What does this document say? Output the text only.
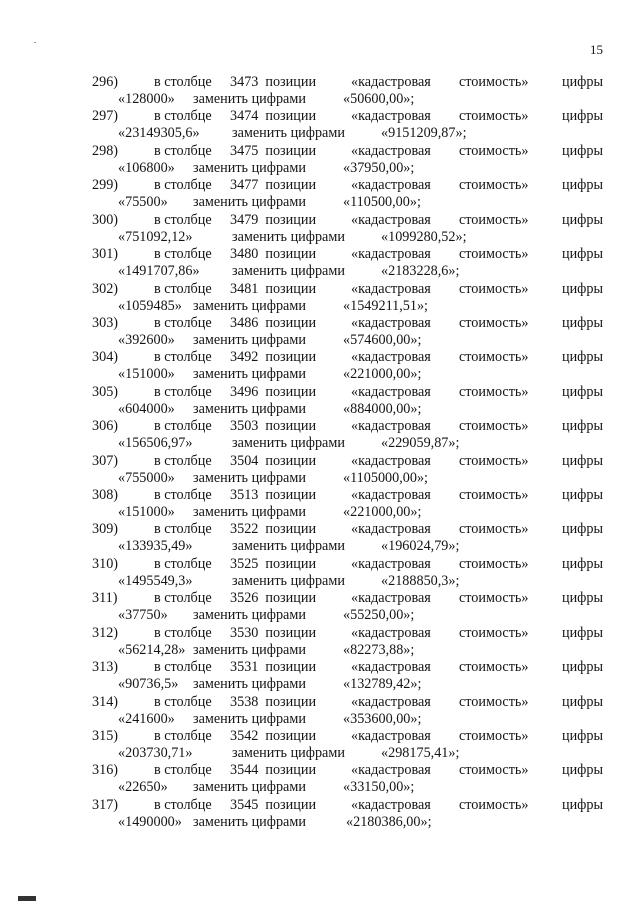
15
296)	в столбце 3473 позиции «кадастровая стоимость» цифры
«128000» заменить цифрами	«50600,00»;
297)	в столбце 3474 позиции «кадастровая стоимость» цифры
«23149305,6» заменить цифрами	«9151209,87»;
298)	в столбце 3475 позиции «кадастровая стоимость» цифры
«106800» заменить цифрами	«37950,00»;
299)	в столбце 3477 позиции «кадастровая стоимость» цифры
«75500» заменить цифрами	«110500,00»;
300)	в столбце 3479 позиции «кадастровая стоимость» цифры
«751092,12»	заменить цифрами	«1099280,52»;
301)	в столбце 3480 позиции «кадастровая стоимость» цифры
«1491707,86» заменить цифрами	«2183228,6»;
302)	в столбце 3481 позиции «кадастровая стоимость» цифры
«1059485» заменить цифрами	«1549211,51»;
303)	в столбце 3486 позиции «кадастровая стоимость» цифры
«392600» заменить цифрами	«574600,00»;
304)	в столбце 3492 позиции «кадастровая стоимость» цифры
«151000» заменить цифрами	«221000,00»;
305)	в столбце 3496 позиции «кадастровая стоимость» цифры
«604000» заменить цифрами	«884000,00»;
306)	в столбце 3503 позиции «кадастровая стоимость» цифры
«156506,97»	заменить цифрами	«229059,87»;
307)	в столбце 3504 позиции «кадастровая стоимость» цифры
«755000» заменить цифрами	«1105000,00»;
308)	в столбце 3513 позиции «кадастровая стоимость» цифры
«151000» заменить цифрами	«221000,00»;
309)	в столбце 3522 позиции «кадастровая стоимость» цифры
«133935,49»	заменить цифрами	«196024,79»;
310)	в столбце 3525 позиции «кадастровая стоимость» цифры
«1495549,3»	заменить цифрами	«2188850,3»;
311)	в столбце 3526 позиции «кадастровая стоимость» цифры
«37750» заменить цифрами	«55250,00»;
312)	в столбце 3530 позиции «кадастровая стоимость» цифры
«56214,28» заменить цифрами	«82273,88»;
313)	в столбце 3531 позиции «кадастровая стоимость» цифры
«90736,5» заменить цифрами	«132789,42»;
314)	в столбце 3538 позиции «кадастровая стоимость» цифры
«241600» заменить цифрами	«353600,00»;
315)	в столбце 3542 позиции «кадастровая стоимость» цифры
«203730,71»	заменить цифрами	«298175,41»;
316)	в столбце 3544 позиции «кадастровая стоимость» цифры
«22650» заменить цифрами	«33150,00»;
317)	в столбце 3545 позиции «кадастровая стоимость» цифры
«1490000» заменить цифрами	«2180386,00»;
